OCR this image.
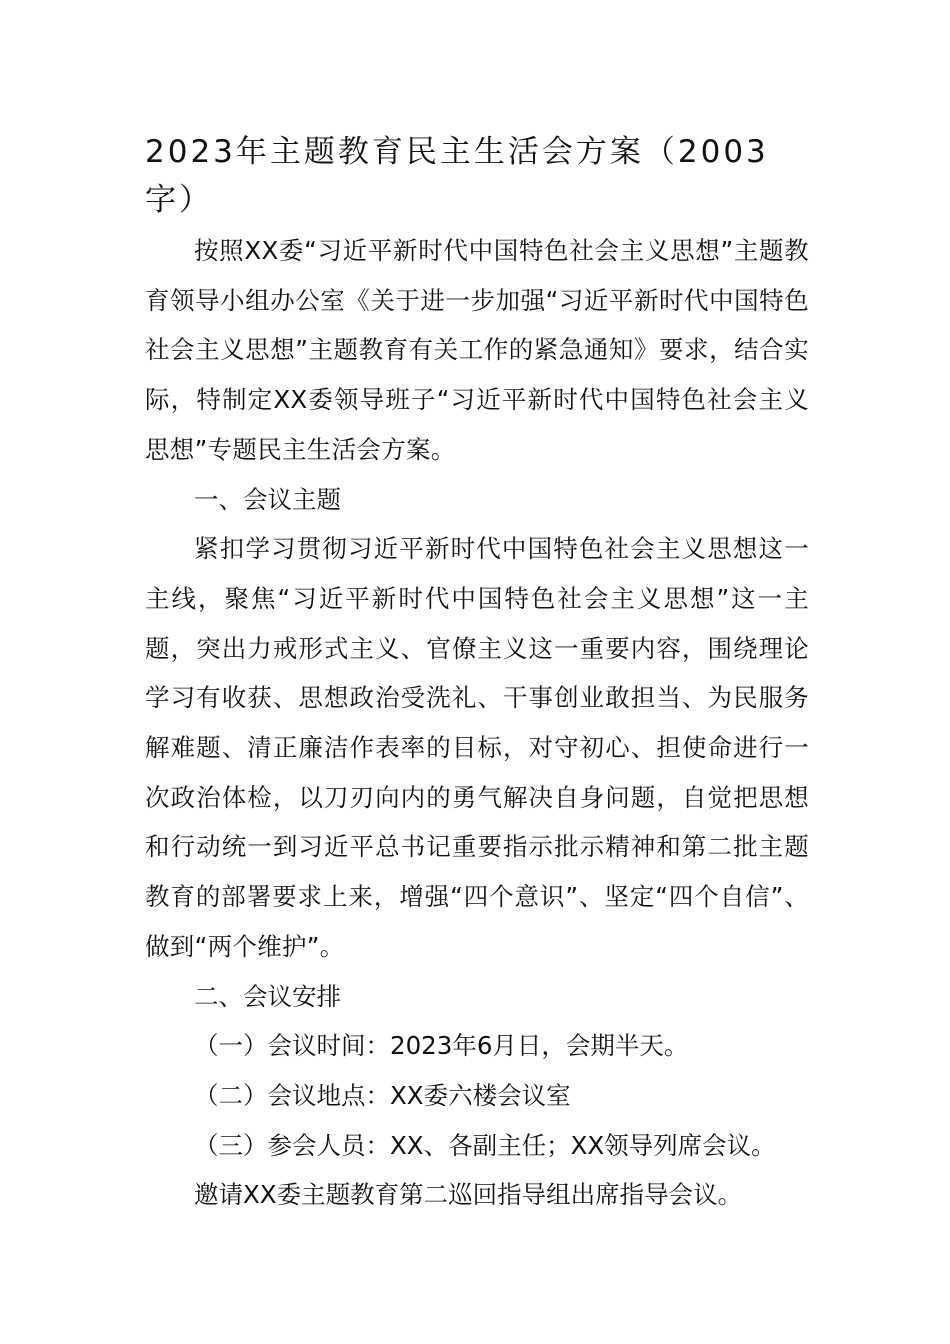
2023年主题教育民主生活会方案（2003字）

按照XX委“习近平新时代中国特色社会主义思想”主题教育领导小组办公室《关于进一步加强“习近平新时代中国特色社会主义思想”主题教育有关工作的紧急通知》要求，结合实际，特制定XX委领导班子“习近平新时代中国特色社会主义思想”专题民主生活会方案。

一、会议主题

紧扣学习贯彻习近平新时代中国特色社会主义思想这一主线，聚焦“习近平新时代中国特色社会主义思想”这一主题，突出力戒形式主义、官僚主义这一重要内容，围绕理论学习有收获、思想政治受洗礼、干事创业敢担当、为民服务解难题、清正廉洁作表率的目标，对守初心、担使命进行一次政治体检，以刀刃向内的勇气解决自身问题，自觉把思想和行动统一到习近平总书记重要指示批示精神和第二批主题教育的部署要求上来，增强“四个意识”、坚定“四个自信”、做到“两个维护”。

二、会议安排

（一）会议时间：2023年6月日，会期半天。

（二）会议地点：XX委六楼会议室

（三）参会人员：XX、各副主任；XX领导列席会议。

邀请XX委主题教育第二巡回指导组出席指导会议。
